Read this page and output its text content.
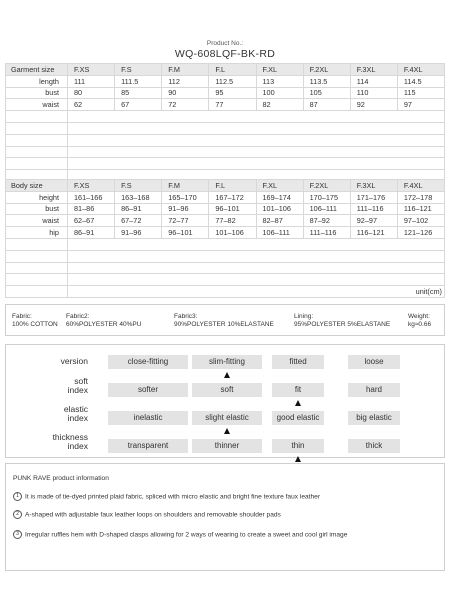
Product No.:
WQ-608LQF-BK-RD
Garment size	F.XS	F.S	F.M	F.L	F.XL	F.2XL	F.3XL	F.4XL
length	111	111.5	112	112.5	113	113.5	114	114.5
bust	80	85	90	95	100	105	110	115
waist	62	67	72	77	82	87	92	97

Body size	F.XS	F.S	F.M	F.L	F.XL	F.2XL	F.3XL	F.4XL
height	161–166	163–168	165–170	167–172	169–174	170–175	171–176	172–178
bust	81–86	86–91	91–96	96–101	101–106	106–111	111–116	116–121
waist	62–67	67–72	72–77	77–82	82–87	87–92	92–97	97–102
hip	86–91	91–96	96–101	101–106	106–111	111–116	116–121	121–126

	unit(cm)							
Fabric:
100% COTTON
Fabric2:
60%POLYESTER 40%PU
Fabric3:
90%POLYESTER 10%ELASTANE
Lining:
95%POLYESTER 5%ELASTANE
Weight:
kg≈0.66
version	close-fitting	slim-fitting	fitted	loose
soft
index	softer	soft	fit	hard
elastic
index	inelastic	slight elastic	good elastic	big elastic
thickness
index	transparent	thinner	thin	thick
PUNK RAVE product information
1 It is made of tie-dyed printed plaid fabric, spliced with micro elastic and bright fine texture faux leather
2 A-shaped with adjustable faux leather loops on shoulders and removable shoulder pads
3 Irregular ruffles hem with D-shaped clasps allowing for 2 ways of wearing to create a sweet and cool girl image
